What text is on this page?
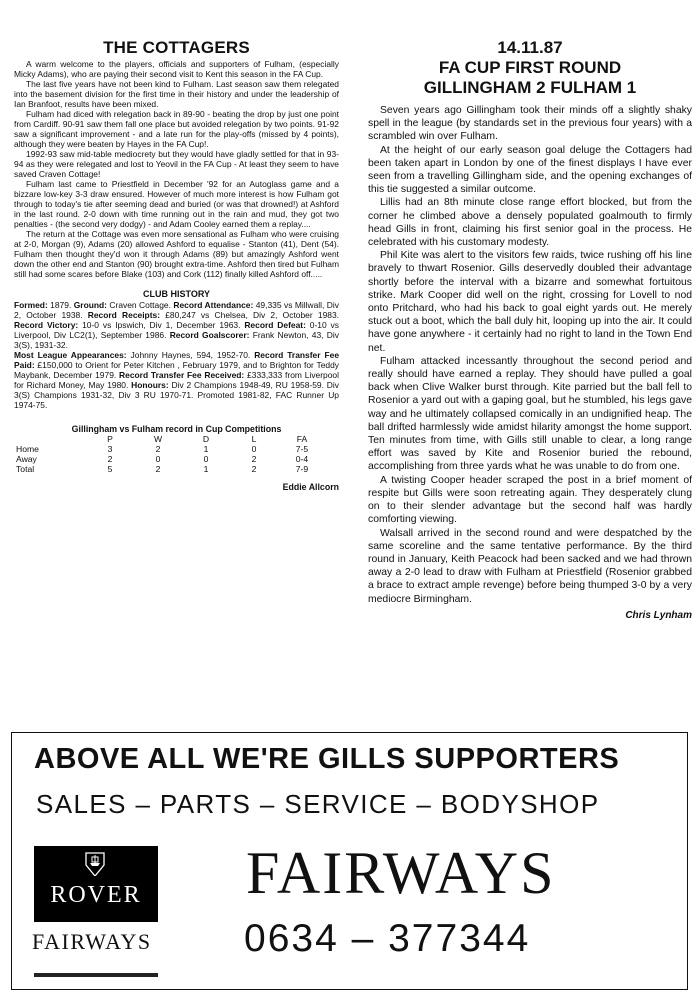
THE COTTAGERS

A warm welcome to the players, officials and supporters of Fulham, (especially Micky Adams), who are paying their second visit to Kent this season in the FA Cup.

The last five years have not been kind to Fulham. Last season saw them relegated into the basement division for the first time in their history and under the leadership of Ian Branfoot, results have been mixed.

Fulham had diced with relegation back in 89-90 - beating the drop by just one point from Cardiff. 90-91 saw them fall one place but avoided relegation by two points. 91-92 saw a significant improvement - and a late run for the play-offs (missed by 4 points), although they were beaten by Hayes in the FA Cup!.

1992-93 saw mid-table mediocrety but they would have gladly settled for that in 93-94 as they were relegated and lost to Yeovil in the FA Cup - At least they seem to have saved Craven Cottage!

Fulham last came to Priestfield in December '92 for an Autoglass game and a bizzare low-key 3-3 draw ensured. However of much more interest is how Fulham got through to today's tie after seeming dead and buried (or was that drowned!) at Ashford in the last round. 2-0 down with time running out in the rain and mud, they got two penalties - (the second very dodgy) - and Adam Cooley earned them a replay....

The return at the Cottage was even more sensational as Fulham who were cruising at 2-0, Morgan (9), Adams (20) allowed Ashford to equalise - Stanton (41), Dent (54). Fulham then thought they'd won it through Adams (89) but amazingly Ashford went down the other end and Stanton (90) brought extra-time. Ashford then tired but Fulham still had some scares before Blake (103) and Cork (112) finally killed Ashford off.....

CLUB HISTORY

Formed: 1879. Ground: Craven Cottage. Record Attendance: 49,335 vs Millwall, Div 2, October 1938. Record Receipts: £80,247 vs Chelsea, Div 2, October 1983. Record Victory: 10-0 vs Ipswich, Div 1, December 1963. Record Defeat: 0-10 vs Liverpool, Div LC2(1), September 1986. Record Goalscorer: Frank Newton, 43, Div 3(S), 1931-32.

Most League Appearances: Johnny Haynes, 594, 1952-70. Record Transfer Fee Paid: £150,000 to Orient for Peter Kitchen , February 1979, and to Brighton for Teddy Maybank, December 1979. Record Transfer Fee Received: £333,333 from Liverpool for Richard Money, May 1980. Honours: Div 2 Champions 1948-49, RU 1958-59. Div 3(S) Champions 1931-32, Div 3 RU 1970-71. Promoted 1981-82, FAC Runner Up 1974-75.

Gillingham vs Fulham record in Cup Competitions
	P	W	D	L	FA
Home	3	2	1	0	7-5
Away	2	0	0	2	0-4
Total	5	2	1	2	7-9
Eddie Allcorn
14.11.87
FA CUP FIRST ROUND
GILLINGHAM 2 FULHAM 1

Seven years ago Gillingham took their minds off a slightly shaky spell in the league (by standards set in the previous four years) with a scrambled win over Fulham.

At the height of our early season goal deluge the Cottagers had been taken apart in London by one of the finest displays I have ever seen from a travelling Gillingham side, and the opening exchanges of this tie suggested a similar outcome.

Lillis had an 8th minute close range effort blocked, but from the corner he climbed above a densely populated goalmouth to firmly head Gills in front, claiming his first senior goal in the process. He celebrated with his customary modesty.

Phil Kite was alert to the visitors few raids, twice rushing off his line bravely to thwart Rosenior. Gills deservedly doubled their advantage shortly before the interval with a bizarre and somewhat fortuitous strike. Mark Cooper did well on the right, crossing for Lovell to nod onto Pritchard, who had his back to goal eight yards out. He merely stuck out a boot, which the ball duly hit, looping up into the air. It could have gone anywhere - it certainly had no right to land in the Town End net.

Fulham attacked incessantly throughout the second period and really should have earned a replay. They should have pulled a goal back when Clive Walker burst through. Kite parried but the ball fell to Rosenior a yard out with a gaping goal, but he stumbled, his legs gave way and he ultimately collapsed comically in an undignified heap. The ball drifted harmlessly wide amidst hilarity amongst the home support. Ten minutes from time, with Gills still unable to clear, a long range effort was saved by Kite and Rosenior buried the rebound, accomplishing from three yards what he was unable to do from one.

A twisting Cooper header scraped the post in a brief moment of respite but Gills were soon retreating again. They desperately clung on to their slender advantage but the second half was hardly comforting viewing.

Walsall arrived in the second round and were despatched by the same scoreline and the same tentative performance. By the third round in January, Keith Peacock had been sacked and we had thrown away a 2-0 lead to draw with Fulham at Priestfield (Rosenior grabbed a brace to extract ample revenge) before being thumped 3-0 by a very mediocre Birmingham.

Chris Lynham
ABOVE ALL WE'RE GILLS SUPPORTERS
SALES – PARTS – SERVICE – BODYSHOP
ROVER
FAIRWAYS
FAIRWAYS
0634 – 377344
